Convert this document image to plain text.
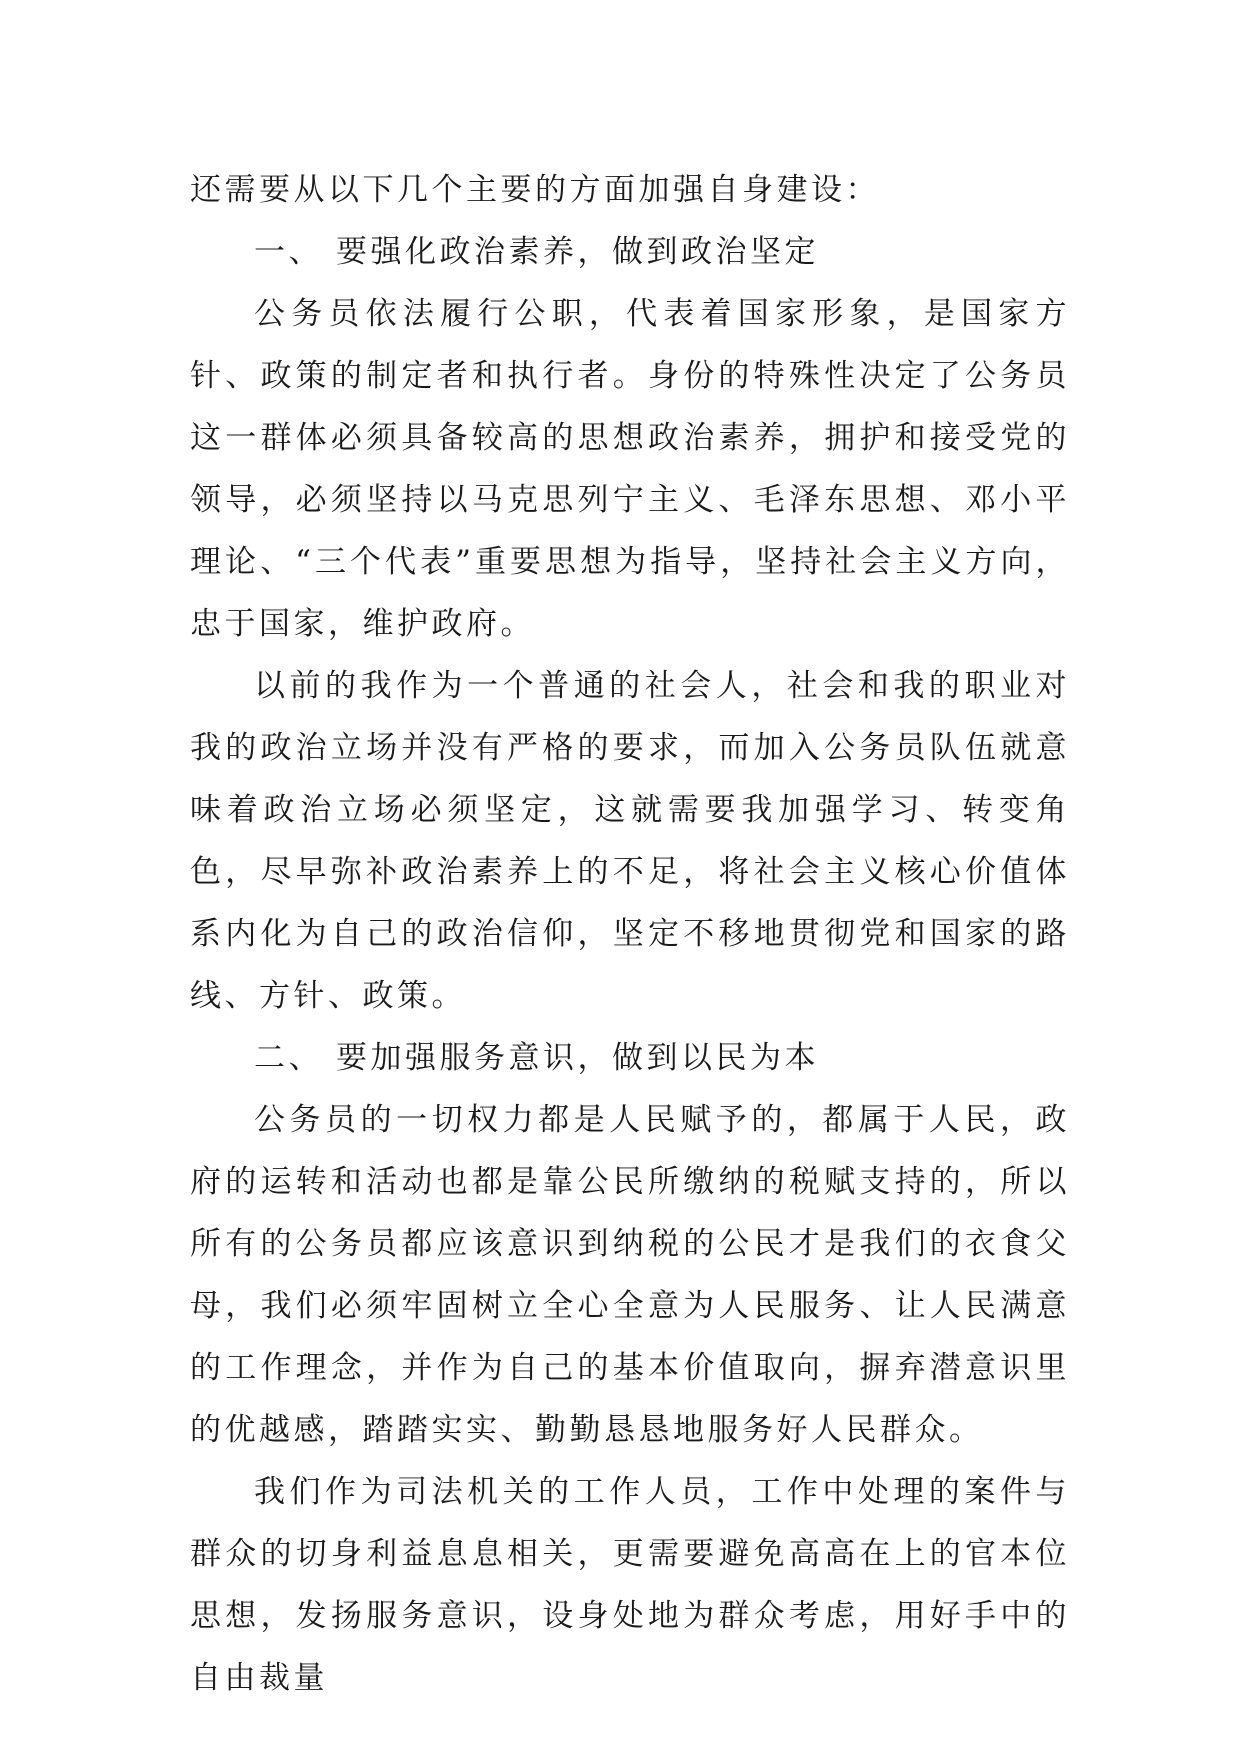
还需要从以下几个主要的方面加强自身建设：

一、 要强化政治素养，做到政治坚定

公务员依法履行公职，代表着国家形象，是国家方针、政策的制定者和执行者。身份的特殊性决定了公务员这一群体必须具备较高的思想政治素养，拥护和接受党的领导，必须坚持以马克思列宁主义、毛泽东思想、邓小平理论、“三个代表”重要思想为指导，坚持社会主义方向，忠于国家，维护政府。

以前的我作为一个普通的社会人，社会和我的职业对我的政治立场并没有严格的要求，而加入公务员队伍就意味着政治立场必须坚定，这就需要我加强学习、转变角色，尽早弥补政治素养上的不足，将社会主义核心价值体系内化为自己的政治信仰，坚定不移地贯彻党和国家的路线、方针、政策。

二、 要加强服务意识，做到以民为本

公务员的一切权力都是人民赋予的，都属于人民，政府的运转和活动也都是靠公民所缴纳的税赋支持的，所以所有的公务员都应该意识到纳税的公民才是我们的衣食父母，我们必须牢固树立全心全意为人民服务、让人民满意的工作理念，并作为自己的基本价值取向，摒弃潜意识里的优越感，踏踏实实、勤勤恳恳地服务好人民群众。

我们作为司法机关的工作人员，工作中处理的案件与群众的切身利益息息相关，更需要避免高高在上的官本位思想，发扬服务意识，设身处地为群众考虑，用好手中的自由裁量
